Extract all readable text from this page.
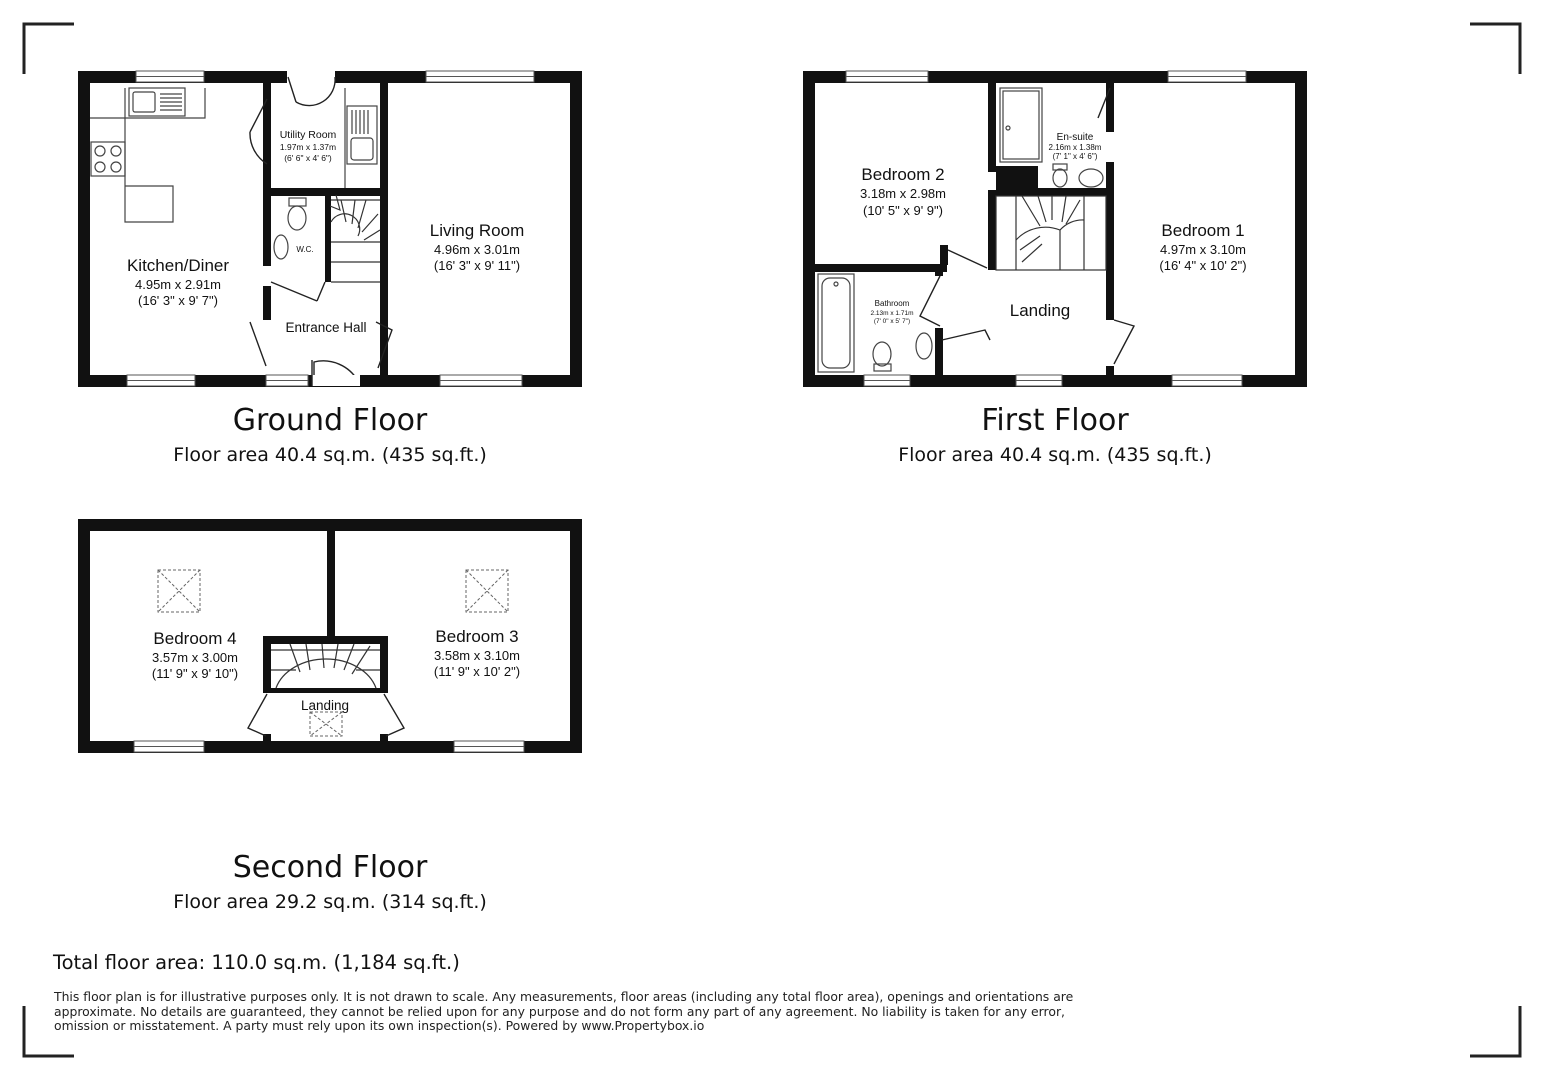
Kitchen/Diner
4.95m x 2.91m
(16' 3" x 9' 7")
Utility Room
1.97m x 1.37m
(6' 6" x 4' 6")
W.C.
Living Room
4.96m x 3.01m
(16' 3" x 9' 11")
Entrance Hall
Ground Floor
Floor area 40.4 sq.m. (435 sq.ft.)
Bedroom 2
3.18m x 2.98m
(10' 5" x 9' 9")
En-suite
2.16m x 1.38m
(7' 1" x 4' 6")
Bedroom 1
4.97m x 3.10m
(16' 4" x 10' 2")
Bathroom
2.13m x 1.71m
(7' 0" x 5' 7")
Landing
First Floor
Floor area 40.4 sq.m. (435 sq.ft.)
Bedroom 4
3.57m x 3.00m
(11' 9" x 9' 10")
Bedroom 3
3.58m x 3.10m
(11' 9" x 10' 2")
Landing
Second Floor
Floor area 29.2 sq.m. (314 sq.ft.)
Total floor area: 110.0 sq.m. (1,184 sq.ft.)

This floor plan is for illustrative purposes only. It is not drawn to scale. Any measurements, floor areas (including any total floor area), openings and orientations are approximate. No details are guaranteed, they cannot be relied upon for any purpose and do not form any part of any agreement. No liability is taken for any error, omission or misstatement. A party must rely upon its own inspection(s). Powered by www.Propertybox.io
